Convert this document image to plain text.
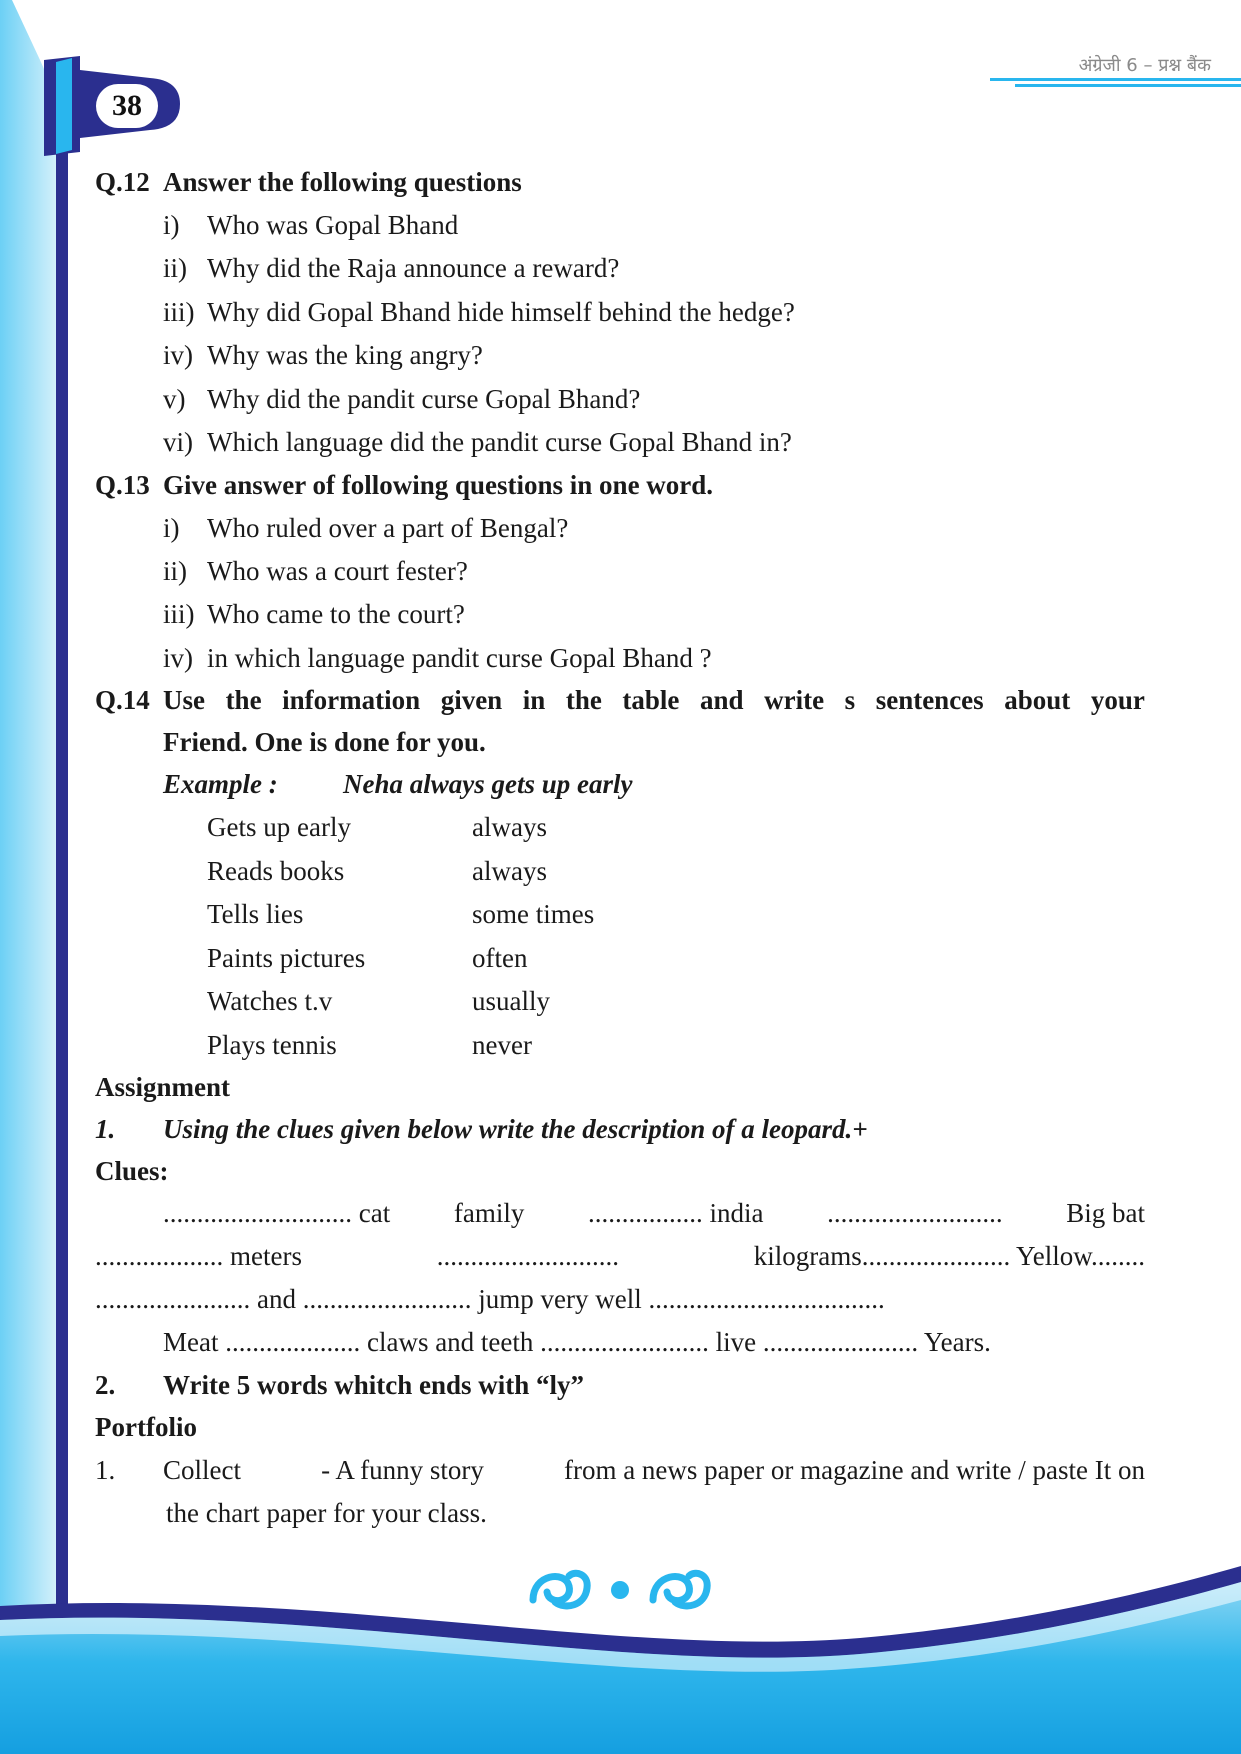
अंग्रेजी 6 – प्रश्न बैंक
38
Q.12 Answer the following questions
i) Who was Gopal Bhand
ii) Why did the Raja announce a reward?
iii) Why did Gopal Bhand hide himself behind the hedge?
iv) Why was the king angry?
v) Why did the pandit curse Gopal Bhand?
vi) Which language did the pandit curse Gopal Bhand in?
Q.13 Give answer of following questions in one word.
i) Who ruled over a part of Bengal?
ii) Who was a court fester?
iii) Who came to the court?
iv) in which language pandit curse Gopal Bhand ?
Q.14 Use the information given in the table and write s sentences about your
Friend. One is done for you.
Example : Neha always gets up early
Gets up early	always
Reads books	always
Tells lies	some times
Paints pictures	often
Watches t.v	usually
Plays tennis	never
Assignment
1. Using the clues given below write the description of a leopard.+
Clues:
............................ cat family ................. india .......................... Big bat
................... meters	...........................	kilograms...................... Yellow........
....................... and ......................... jump very well ...................................
Meat .................... claws and teeth ......................... live ....................... Years.
2. Write 5 words whitch ends with “ly”
Portfolio
1.	Collect	- A funny story	from a news paper or magazine and write / paste It on
the chart paper for your class.
